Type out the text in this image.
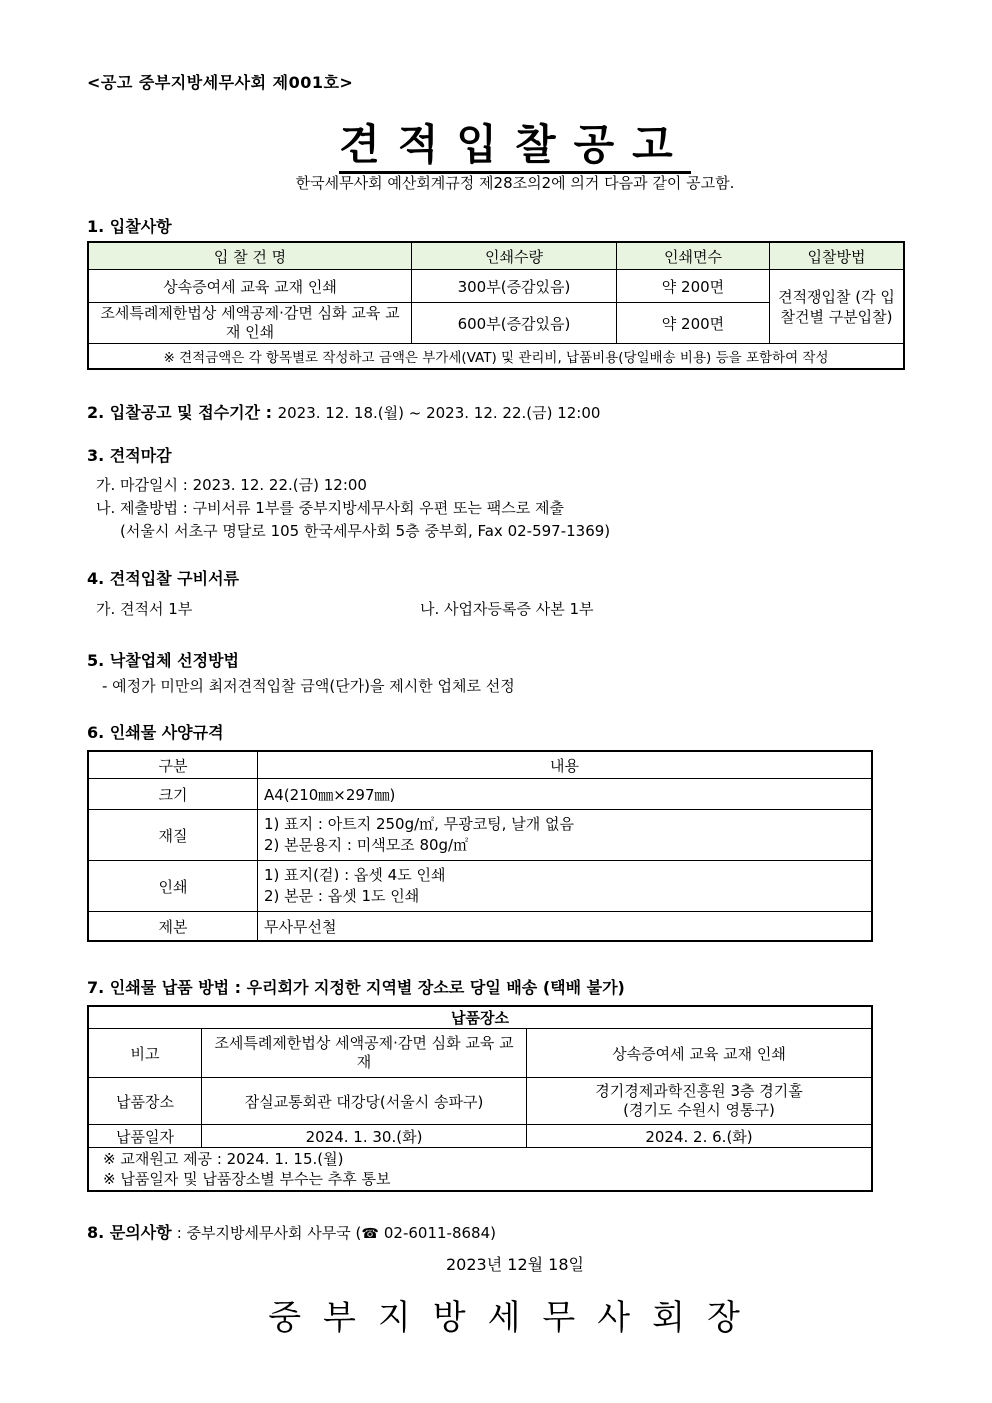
<공고 중부지방세무사회 제001호>
견적입찰공고
한국세무사회 예산회계규정 제28조의2에 의거 다음과 같이 공고함.
1. 입찰사항
입 찰 건 명	인쇄수량	인쇄면수	입찰방법
상속증여세 교육 교재 인쇄	300부(증감있음)	약 200면	견적쟁입찰 (각 입찰건별 구분입찰)
조세특례제한법상 세액공제·감면 심화 교육 교재 인쇄	600부(증감있음)	약 200면	
※ 견적금액은 각 항목별로 작성하고 금액은 부가세(VAT) 및 관리비, 납품비용(당일배송 비용) 등을 포함하여 작성			
2. 입찰공고 및 접수기간 : 2023. 12. 18.(월) ~ 2023. 12. 22.(금) 12:00
3. 견적마감
가. 마감일시 : 2023. 12. 22.(금) 12:00
나. 제출방법 : 구비서류 1부를 중부지방세무사회 우편 또는 팩스로 제출
(서울시 서초구 명달로 105 한국세무사회 5층 중부회, Fax 02-597-1369)
4. 견적입찰 구비서류
가. 견적서 1부	나. 사업자등록증 사본 1부
5. 낙찰업체 선정방법
- 예정가 미만의 최저견적입찰 금액(단가)을 제시한 업체로 선정
6. 인쇄물 사양규격
구분	내용
크기	A4(210㎜×297㎜)
재질	1) 표지 : 아트지 250g/㎡, 무광코팅, 날개 없음
2) 본문용지 : 미색모조 80g/㎡

인쇄	1) 표지(겉) : 옵셋 4도 인쇄
2) 본문 : 옵셋 1도 인쇄

제본	무사무선철
7. 인쇄물 납품 방법 : 우리회가 지정한 지역별 장소로 당일 배송 (택배 불가)
납품장소		
비고	조세특례제한법상 세액공제·감면 심화 교육 교재	상속증여세 교육 교재 인쇄
납품장소	잠실교통회관 대강당(서울시 송파구)	경기경제과학진흥원 3층 경기홀
(경기도 수원시 영통구)

납품일자	2024. 1. 30.(화)	2024. 2. 6.(화)

※ 교재원고 제공 : 2024. 1. 15.(월)
※ 납품일자 및 납품장소별 부수는 추후 통보		
8. 문의사항 : 중부지방세무사회 사무국 (☎ 02-6011-8684)
2023년 12월 18일
중부지방세무사회장
